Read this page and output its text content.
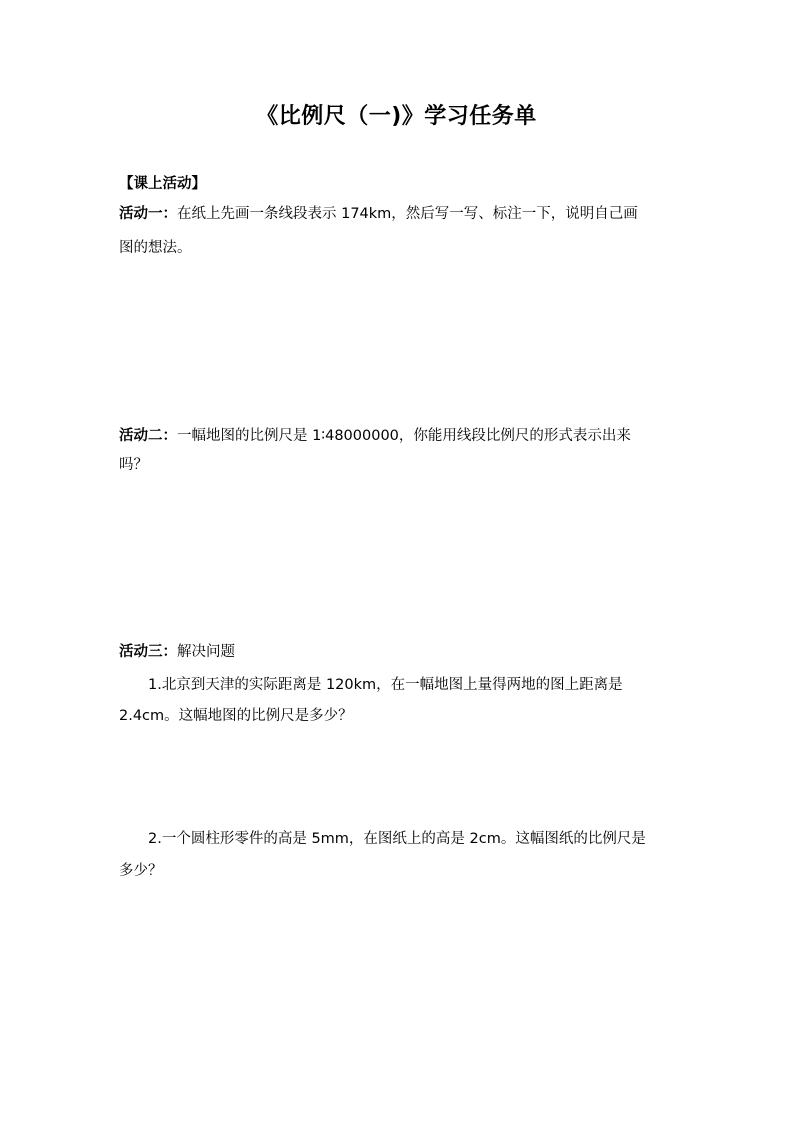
《比例尺（一)》学习任务单
【课上活动】
活动一：在纸上先画一条线段表示 174km，然后写一写、标注一下，说明自己画
图的想法。
活动二：一幅地图的比例尺是 1∶48000000，你能用线段比例尺的形式表示出来
吗？
活动三：解决问题
1.北京到天津的实际距离是 120km，在一幅地图上量得两地的图上距离是
2.4cm。这幅地图的比例尺是多少？
2.一个圆柱形零件的高是 5mm，在图纸上的高是 2cm。这幅图纸的比例尺是
多少？
